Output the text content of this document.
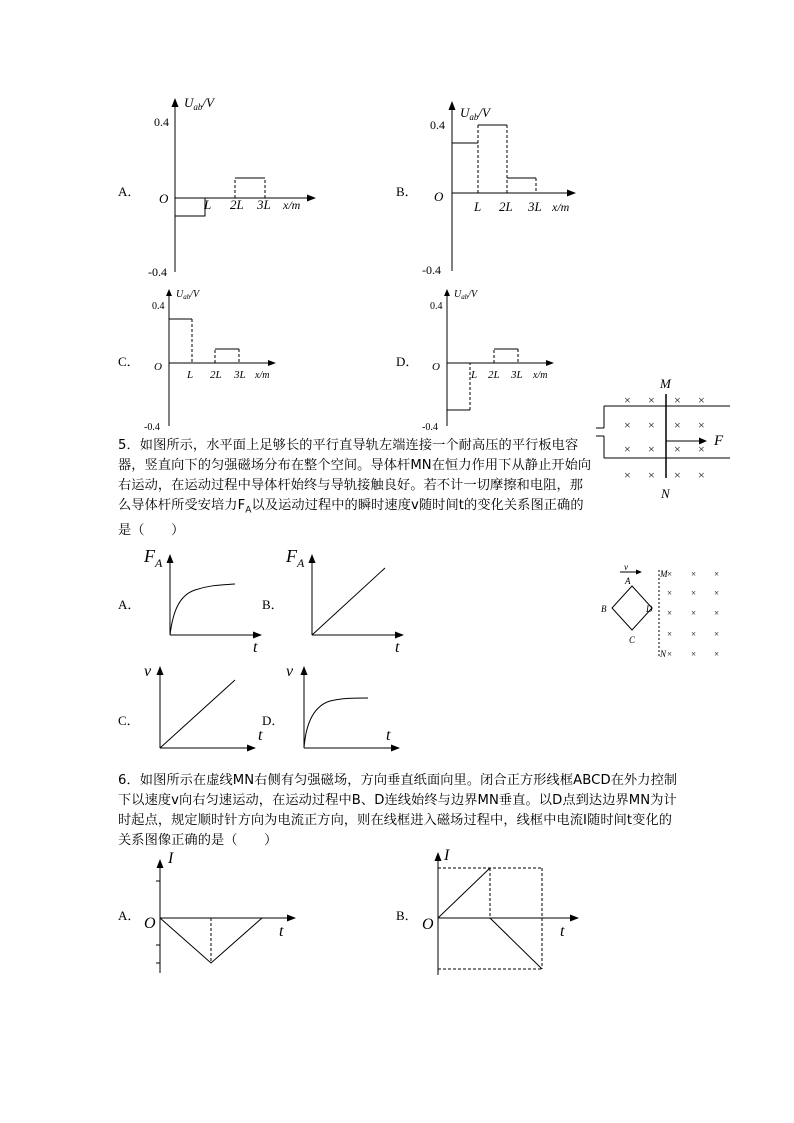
A．
$U_{ab}/V$
0.4
-0.4
O	L 2L 3L x/m
B．
$U_{ab}/V$
0.4
-0.4
O
L 2L 3L x/m
C．
$U_{ab}/V$
0.4
-0.4
O
L 2L 3L x/m
D．
$U_{ab}/V$
0.4
-0.4
O
L 2L 3L x/m
5．如图所示，水平面上足够长的平行直导轨左端连接一个耐高压的平行板电容器，竖直向下的匀强磁场分布在整个空间。导体杆MN在恒力作用下从静止开始向右运动，在运动过程中导体杆始终与导轨接触良好。若不计一切摩擦和电阻，那么导体杆所受安培力$F_A$以及运动过程中的瞬时速度v随时间t的变化关系图正确的是（　　）
M
N
F
× × × ×
× × × ×
× × × ×
× × × ×
A．
$F_A$
t
B．
$F_A$
t
C．
v
t
D．
v
t
v
A
B
C
D
M
N
× × ×
× × ×
× × ×
× × ×
× × ×
6．如图所示在虚线MN右侧有匀强磁场，方向垂直纸面向里。闭合正方形线框ABCD在外力控制下以速度v向右匀速运动，在运动过程中B、D连线始终与边界MN垂直。以D点到达边界MN为计时起点，规定顺时针方向为电流正方向，则在线框进入磁场过程中，线框中电流I随时间t变化的关系图像正确的是（　　）
A．
I
O	t
B．
I
O	t
